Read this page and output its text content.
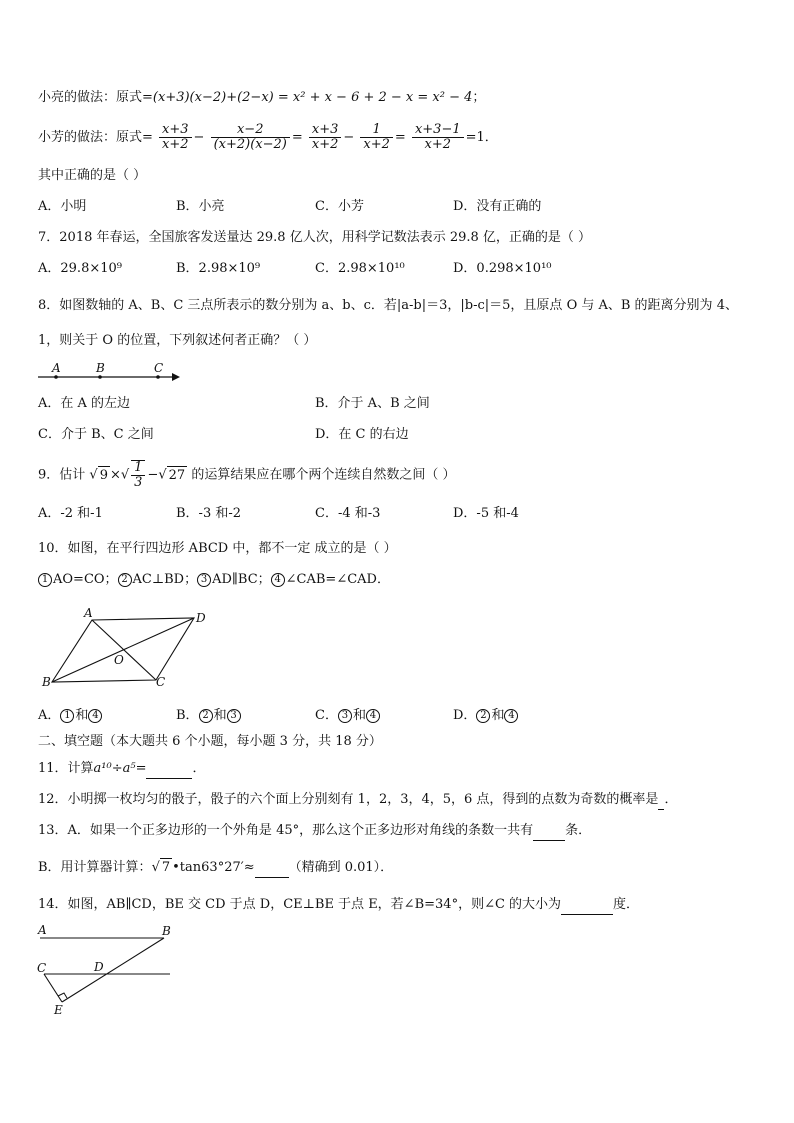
小亮的做法：原式=(x+3)(x−2)+(2−x) = x² + x − 6 + 2 − x = x² − 4；
小芳的做法：原式= $\frac{x+3}{x+2} - \frac{x-2}{(x+2)(x-2)} = \frac{x+3}{x+2} - \frac{1}{x+2} = \frac{x+3-1}{x+2} =1$．
其中正确的是（ ）
A．小明	B．小亮	C．小芳	D．没有正确的
7．2018 年春运，全国旅客发送量达 29.8 亿人次，用科学记数法表示 29.8 亿，正确的是（ ）
A．29.8×10⁹	B．2.98×10⁹	C．2.98×10¹⁰	D．0.298×10¹⁰
8．如图数轴的 A、B、C 三点所表示的数分别为 a、b、c．若|a-b|＝3，|b-c|＝5，且原点 O 与 A、B 的距离分别为 4、
1，则关于 O 的位置，下列叙述何者正确？（ ）
A	B	C
A．在 A 的左边	B．介于 A、B 之间
C．介于 B、C 之间	D．在 C 的右边
9．估计 √ 9 ×√ $\frac{1}{3}$ −√ 27 的运算结果应在哪个两个连续自然数之间（ ）
A．-2 和-1	B．-3 和-2	C．-4 和-3	D．-5 和-4
10．如图，在平行四边形 ABCD 中，都不一定 成立的是（ ）
1 AO=CO； 2 AC⊥BD； 3 AD∥BC； 4 ∠CAB=∠CAD．
A	D
O
B	C
A． 1 和 4	B． 2 和 3	C． 3 和 4	D． 2 和 4
二、填空题（本大题共 6 个小题，每小题 3 分，共 18 分）
11．计算a¹⁰÷a⁵=	．
12．小明掷一枚均匀的骰子，骰子的六个面上分别刻有 1，2，3，4，5，6 点，得到的点数为奇数的概率是 ．
13．A．如果一个正多边形的一个外角是 45°，那么这个正多边形对角线的条数一共有 条．
B．用计算器计算：√ 7 •tan63°27′≈	（精确到 0.01）．
14．如图，AB∥CD，BE 交 CD 于点 D，CE⊥BE 于点 E，若∠B=34°，则∠C 的大小为	度．
A	B
C	D
E
